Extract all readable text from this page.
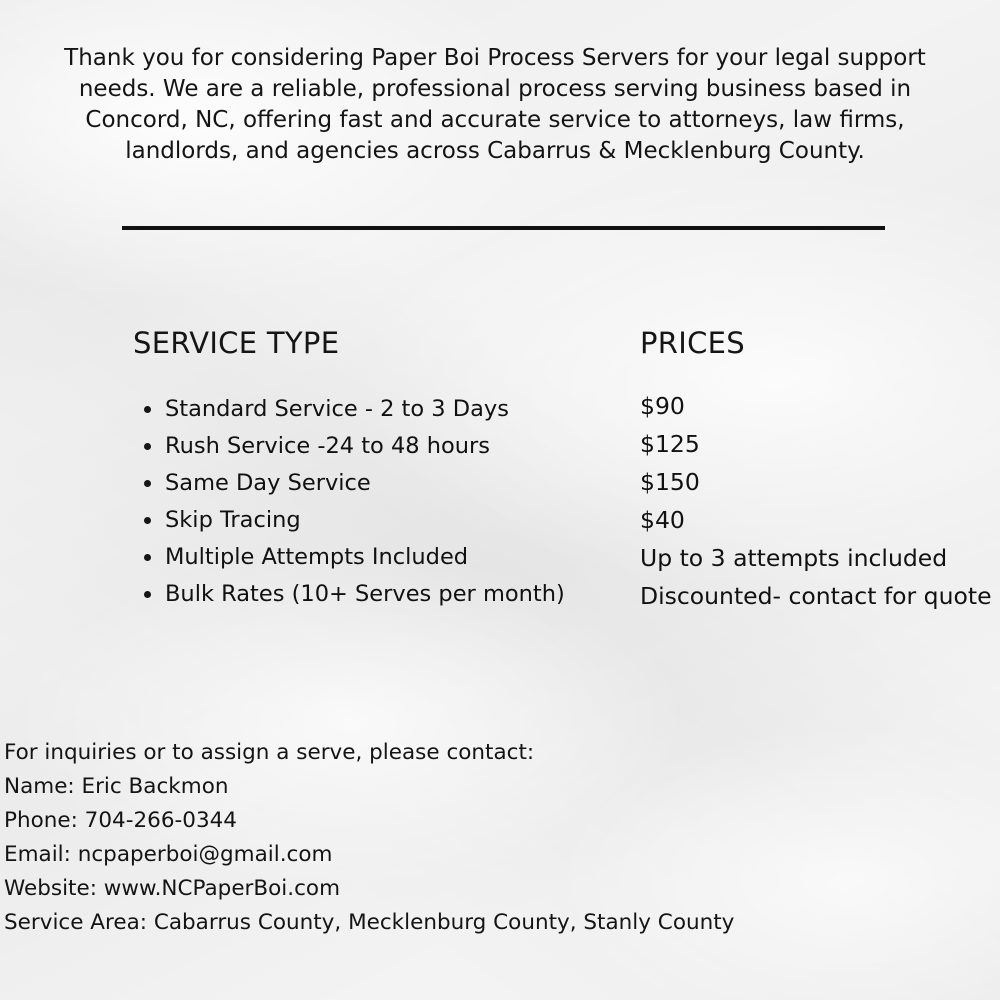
Thank you for considering Paper Boi Process Servers for your legal support needs. We are a reliable, professional process serving business based in Concord, NC, offering fast and accurate service to attorneys, law firms, landlords, and agencies across Cabarrus & Mecklenburg County.

SERVICE TYPE	PRICES
Standard Service - 2 to 3 Days
Rush Service -24 to 48 hours
Same Day Service
Skip Tracing
Multiple Attempts Included
Bulk Rates (10+ Serves per month)
$90
$125
$150
$40
Up to 3 attempts included
Discounted- contact for quote
For inquiries or to assign a serve, please contact:
Name: Eric Backmon
Phone: 704-266-0344
Email: ncpaperboi@gmail.com
Website: www.NCPaperBoi.com
Service Area: Cabarrus County, Mecklenburg County, Stanly County
